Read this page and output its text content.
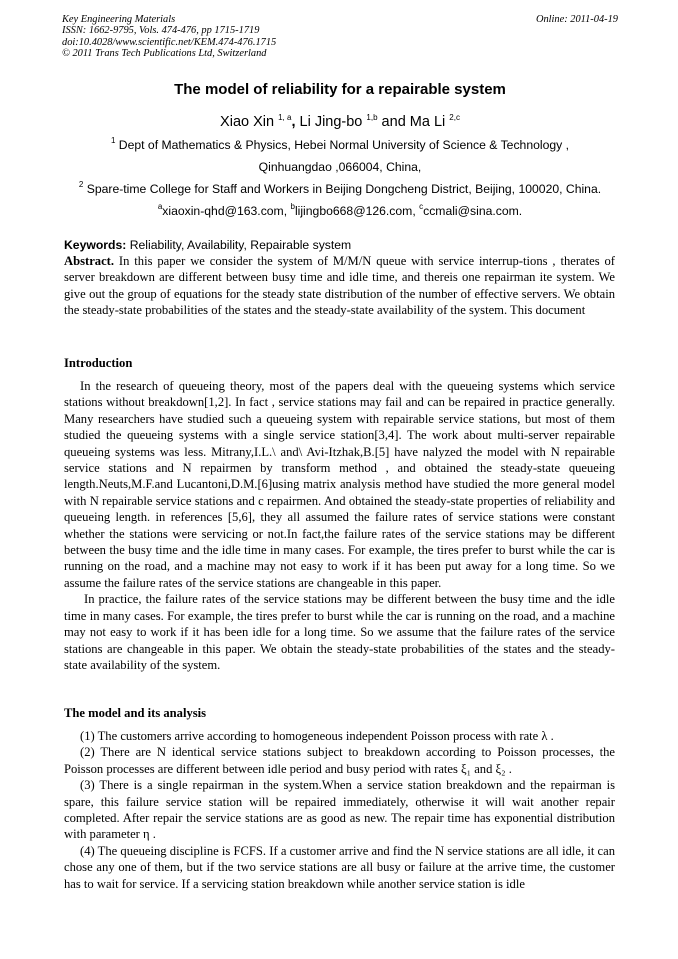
Key Engineering Materials
ISSN: 1662-9795, Vols. 474-476, pp 1715-1719
doi:10.4028/www.scientific.net/KEM.474-476.1715
© 2011 Trans Tech Publications Ltd, Switzerland
Online: 2011-04-19
The model of reliability for a repairable system
Xiao Xin $^{1, a}$, Li Jing-bo $^{1,b}$ and Ma Li $^{2,c}$
$^1$ Dept of Mathematics & Physics, Hebei Normal University of Science & Technology ,
Qinhuangdao ,066004, China,
$^2$ Spare-time College for Staff and Workers in Beijing Dongcheng District, Beijing, 100020, China.
$^a$xiaoxin-qhd@163.com, $^b$lijingbo668@126.com, $^c$ccmali@sina.com.
Keywords: Reliability, Availability, Repairable system
Abstract. In this paper we consider the system of M/M/N queue with service interrup-tions , therates of server breakdown are different between busy time and idle time, and thereis one repairman ite system. We give out the group of equations for the steady state distribution of the number of effective servers. We obtain the steady-state probabilities of the states and the steady-state availability of the system. This document
Introduction

In the research of queueing theory, most of the papers deal with the queueing systems which service stations without breakdown[1,2]. In fact , service stations may fail and can be repaired in practice generally. Many researchers have studied such a queueing system with repairable service stations, but most of them studied the queueing systems with a single service station[3,4]. The work about multi-server repairable queueing systems was less. Mitrany,I.L.\ and\ Avi-Itzhak,B.[5] have nalyzed the model with N repairable service stations and N repairmen by transform method , and obtained the steady-state queueing length.Neuts,M.F.and Lucantoni,D.M.[6]using matrix analysis method have studied the more general model with N repairable service stations and c repairmen. And obtained the steady-state properties of reliability and queueing length. in references [5,6], they all assumed the failure rates of service stations were constant whether the stations were servicing or not.In fact,the failure rates of the service stations may be different between the busy time and the idle time in many cases. For example, the tires prefer to burst while the car is running on the road, and a machine may not easy to work if it has been put away for a long time. So we assume the failure rates of the service stations are changeable in this paper.

In practice, the failure rates of the service stations may be different between the busy time and the idle time in many cases. For example, the tires prefer to burst while the car is running on the road, and a machine may not easy to work if it has been idle for a long time. So we assume that the failure rates of the service stations are changeable in this paper. We obtain the steady-state probabilities of the states and the steady-state availability of the system.

The model and its analysis

(1) The customers arrive according to homogeneous independent Poisson process with rate λ .

(2) There are N identical service stations subject to breakdown according to Poisson processes, the Poisson processes are different between idle period and busy period with rates ξ₁ and ξ₂ .

(3) There is a single repairman in the system.When a service station breakdown and the repairman is spare, this failure service station will be repaired immediately, otherwise it will wait another repair completed. After repair the service stations are as good as new. The repair time has exponential distribution with parameter η .

(4) The queueing discipline is FCFS. If a customer arrive and find the N service stations are all idle, it can chose any one of them, but if the two service stations are all busy or failure at the arrive time, the customer has to wait for service. If a servicing station breakdown while another service station is idle
